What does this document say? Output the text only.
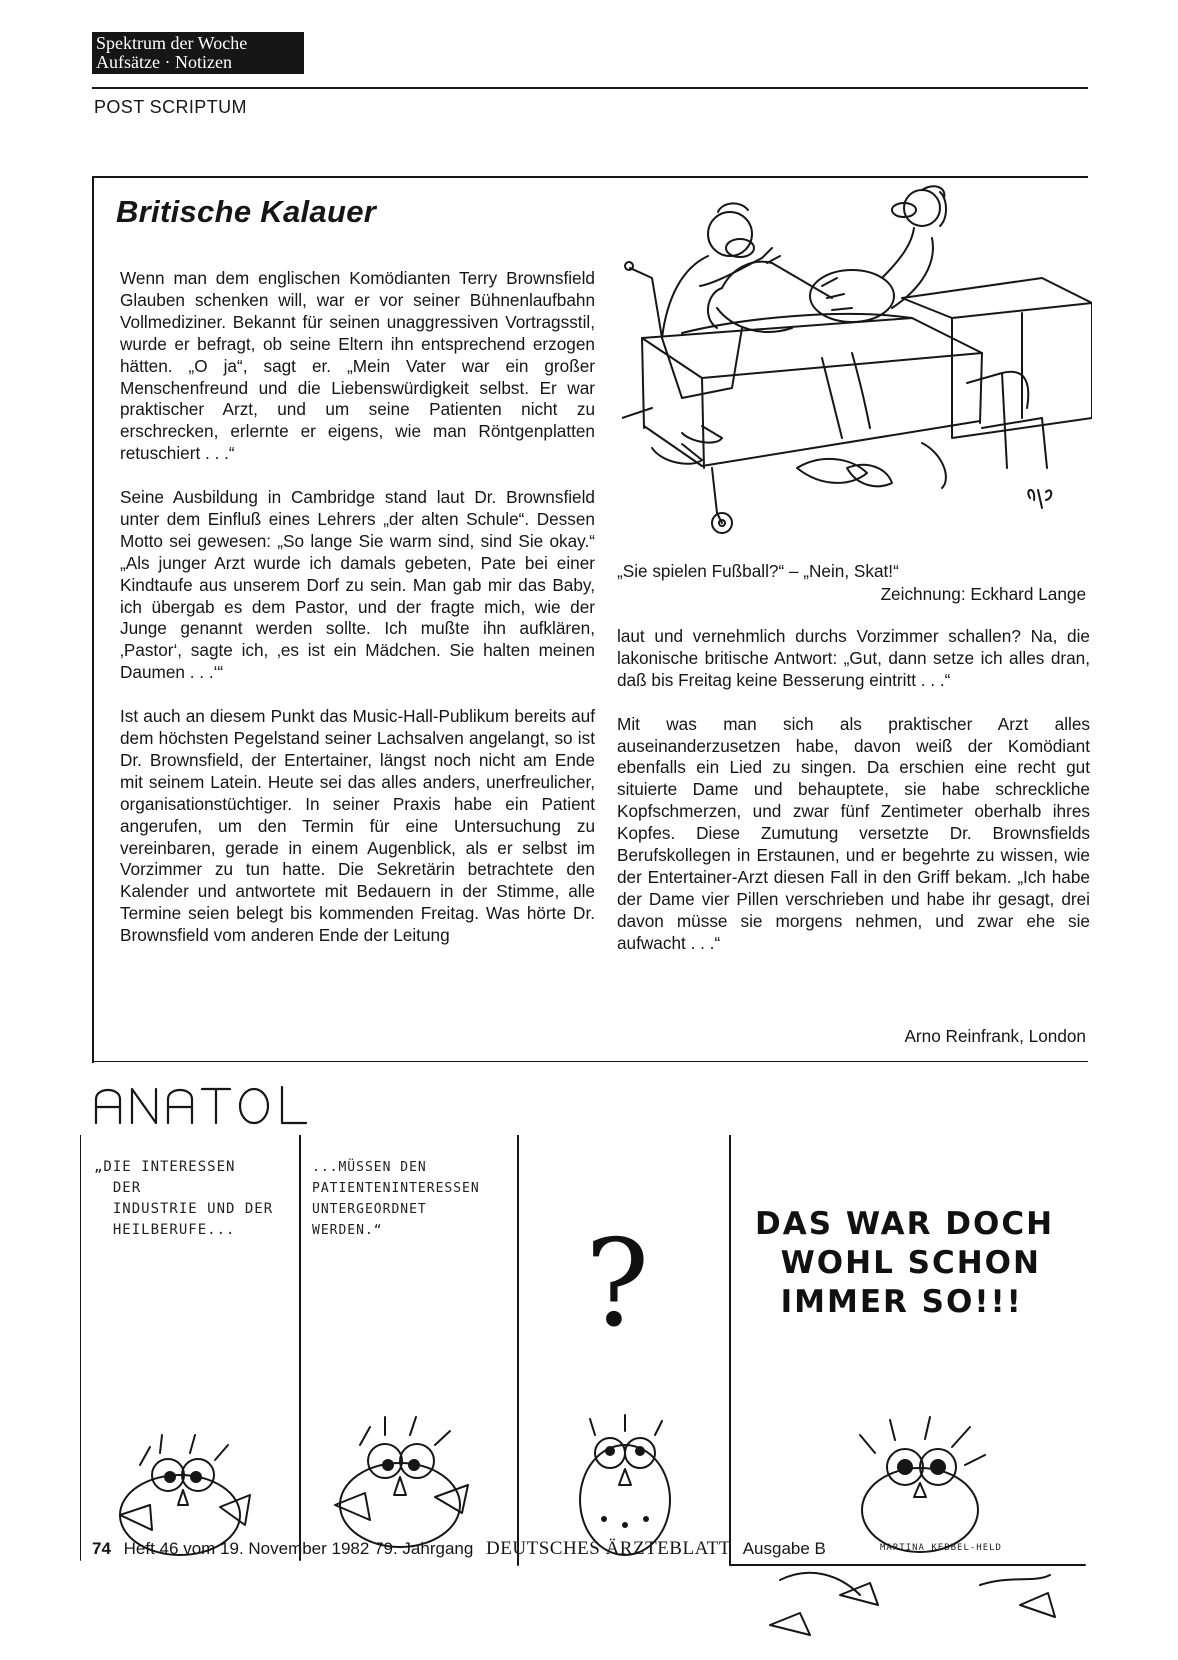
Spektrum der Woche
Aufsätze · Notizen
POST SCRIPTUM
Britische Kalauer

Wenn man dem englischen Komödianten Terry Brownsfield Glauben schenken will, war er vor seiner Bühnenlaufbahn Vollmediziner. Bekannt für seinen unaggressiven Vortragsstil, wurde er befragt, ob seine Eltern ihn entsprechend erzogen hätten. „O ja“, sagt er. „Mein Vater war ein großer Menschenfreund und die Liebenswürdigkeit selbst. Er war praktischer Arzt, und um seine Patienten nicht zu erschrecken, erlernte er eigens, wie man Röntgenplatten retuschiert . . .“

Seine Ausbildung in Cambridge stand laut Dr. Brownsfield unter dem Einfluß eines Lehrers „der alten Schule“. Dessen Motto sei gewesen: „So lange Sie warm sind, sind Sie okay.“ „Als junger Arzt wurde ich damals gebeten, Pate bei einer Kindtaufe aus unserem Dorf zu sein. Man gab mir das Baby, ich übergab es dem Pastor, und der fragte mich, wie der Junge genannt werden sollte. Ich mußte ihn aufklären, ‚Pastor‘, sagte ich, ‚es ist ein Mädchen. Sie halten meinen Daumen . . .‘“

Ist auch an diesem Punkt das Music-Hall-Publikum bereits auf dem höchsten Pegelstand seiner Lachsalven angelangt, so ist Dr. Brownsfield, der Entertainer, längst noch nicht am Ende mit seinem Latein. Heute sei das alles anders, unerfreulicher, organisationstüchtiger. In seiner Praxis habe ein Patient angerufen, um den Termin für eine Untersuchung zu vereinbaren, gerade in einem Augenblick, als er selbst im Vorzimmer zu tun hatte. Die Sekretärin betrachtete den Kalender und antwortete mit Bedauern in der Stimme, alle Termine seien belegt bis kommenden Freitag. Was hörte Dr. Brownsfield vom anderen Ende der Leitung

„Sie spielen Fußball?“ – „Nein, Skat!“
Zeichnung: Eckhard Lange

laut und vernehmlich durchs Vorzimmer schallen? Na, die lakonische britische Antwort: „Gut, dann setze ich alles dran, daß bis Freitag keine Besserung eintritt . . .“

Mit was man sich als praktischer Arzt alles auseinanderzusetzen habe, davon weiß der Komödiant ebenfalls ein Lied zu singen. Da erschien eine recht gut situierte Dame und behauptete, sie habe schreckliche Kopfschmerzen, und zwar fünf Zentimeter oberhalb ihres Kopfes. Diese Zumutung versetzte Dr. Brownsfields Berufskollegen in Erstaunen, und er begehrte zu wissen, wie der Entertainer-Arzt diesen Fall in den Griff bekam. „Ich habe der Dame vier Pillen verschrieben und habe ihr gesagt, drei davon müsse sie morgens nehmen, und zwar ehe sie aufwacht . . .“

Arno Reinfrank, London
„DIE INTERESSEN
DER
INDUSTRIE UND DER
HEILBERUFE...
...MÜSSEN DEN
PATIENTENINTERESSEN
UNTERGEORDNET
WERDEN.“	?	DAS WAR DOCH
WOHL SCHON
IMMER SO!!!
MARTINA KEBBEL-HELD
74 Heft 46 vom 19. November 1982 79. Jahrgang DEUTSCHES ÄRZTEBLATT Ausgabe B
